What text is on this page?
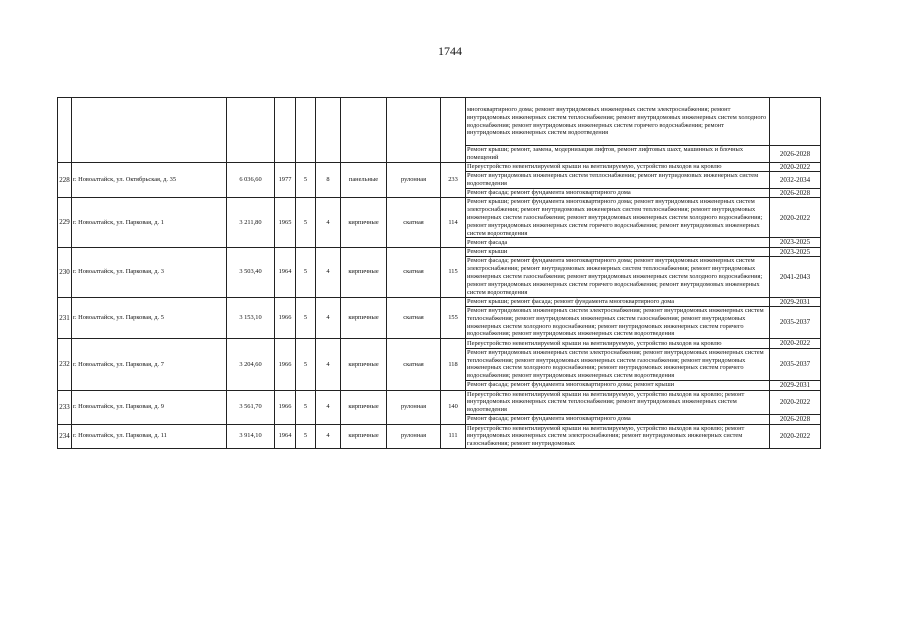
1744
									многоквартирного дома; ремонт внутридомовых инженерных систем электроснабжения; ремонт внутридомовых инженерных систем теплоснабжения; ремонт внутридомовых инженерных систем холодного водоснабжения; ремонт внутридомовых инженерных систем горячего водоснабжения; ремонт внутридомовых инженерных систем водоотведения	
									Ремонт крыши; ремонт, замена, модернизация лифтов, ремонт лифтовых шахт, машинных и блочных помещений	2026-2028
228	г. Новоалтайск, ул. Октябрьская, д. 35	6 036,60	1977	5	8	панельные	рулонная	233	Переустройство невентилируемой крыши на вентилируемую, устройство выходов на кровлю	2020-2022
									Ремонт внутридомовых инженерных систем теплоснабжения; ремонт внутридомовых инженерных систем водоотведения	2032-2034
									Ремонт фасада; ремонт фундамента многоквартирного дома	2026-2028
229	г. Новоалтайск, ул. Парковая, д. 1	3 211,80	1965	5	4	кирпичные	скатная	114	Ремонт крыши; ремонт фундамента многоквартирного дома; ремонт внутридомовых инженерных систем электроснабжения; ремонт внутридомовых инженерных систем теплоснабжения; ремонт внутридомовых инженерных систем газоснабжения; ремонт внутридомовых инженерных систем холодного водоснабжения; ремонт внутридомовых инженерных систем горячего водоснабжения; ремонт внутридомовых инженерных систем водоотведения	2020-2022
									Ремонт фасада	2023-2025
230	г. Новоалтайск, ул. Парковая, д. 3	3 503,40	1964	5	4	кирпичные	скатная	115	Ремонт крыши	2023-2025
									Ремонт фасада; ремонт фундамента многоквартирного дома; ремонт внутридомовых инженерных систем электроснабжения; ремонт внутридомовых инженерных систем теплоснабжения; ремонт внутридомовых инженерных систем газоснабжения; ремонт внутридомовых инженерных систем холодного водоснабжения; ремонт внутридомовых инженерных систем горячего водоснабжения; ремонт внутридомовых инженерных систем водоотведения	2041-2043
231	г. Новоалтайск, ул. Парковая, д. 5	3 153,10	1966	5	4	кирпичные	скатная	155	Ремонт крыши; ремонт фасада; ремонт фундамента многоквартирного дома	2029-2031
									Ремонт внутридомовых инженерных систем электроснабжения; ремонт внутридомовых инженерных систем теплоснабжения; ремонт внутридомовых инженерных систем газоснабжения; ремонт внутридомовых инженерных систем холодного водоснабжения; ремонт внутридомовых инженерных систем горячего водоснабжения; ремонт внутридомовых инженерных систем водоотведения	2035-2037
232	г. Новоалтайск, ул. Парковая, д. 7	3 204,60	1966	5	4	кирпичные	скатная	118	Переустройство невентилируемой крыши на вентилируемую, устройство выходов на кровлю	2020-2022
									Ремонт внутридомовых инженерных систем электроснабжения; ремонт внутридомовых инженерных систем теплоснабжения; ремонт внутридомовых инженерных систем газоснабжения; ремонт внутридомовых инженерных систем холодного водоснабжения; ремонт внутридомовых инженерных систем горячего водоснабжения; ремонт внутридомовых инженерных систем водоотведения	2035-2037
									Ремонт фасада; ремонт фундамента многоквартирного дома; ремонт крыши	2029-2031
233	г. Новоалтайск, ул. Парковая, д. 9	3 561,70	1966	5	4	кирпичные	рулонная	140	Переустройство невентилируемой крыши на вентилируемую, устройство выходов на кровлю; ремонт внутридомовых инженерных систем теплоснабжения; ремонт внутридомовых инженерных систем водоотведения	2020-2022
									Ремонт фасада; ремонт фундамента многоквартирного дома	2026-2028
234	г. Новоалтайск, ул. Парковая, д. 11	3 914,10	1964	5	4	кирпичные	рулонная	111	Переустройство невентилируемой крыши на вентилируемую, устройство выходов на кровлю; ремонт внутридомовых инженерных систем электроснабжения; ремонт внутридомовых инженерных систем газоснабжения; ремонт внутридомовых	2020-2022
